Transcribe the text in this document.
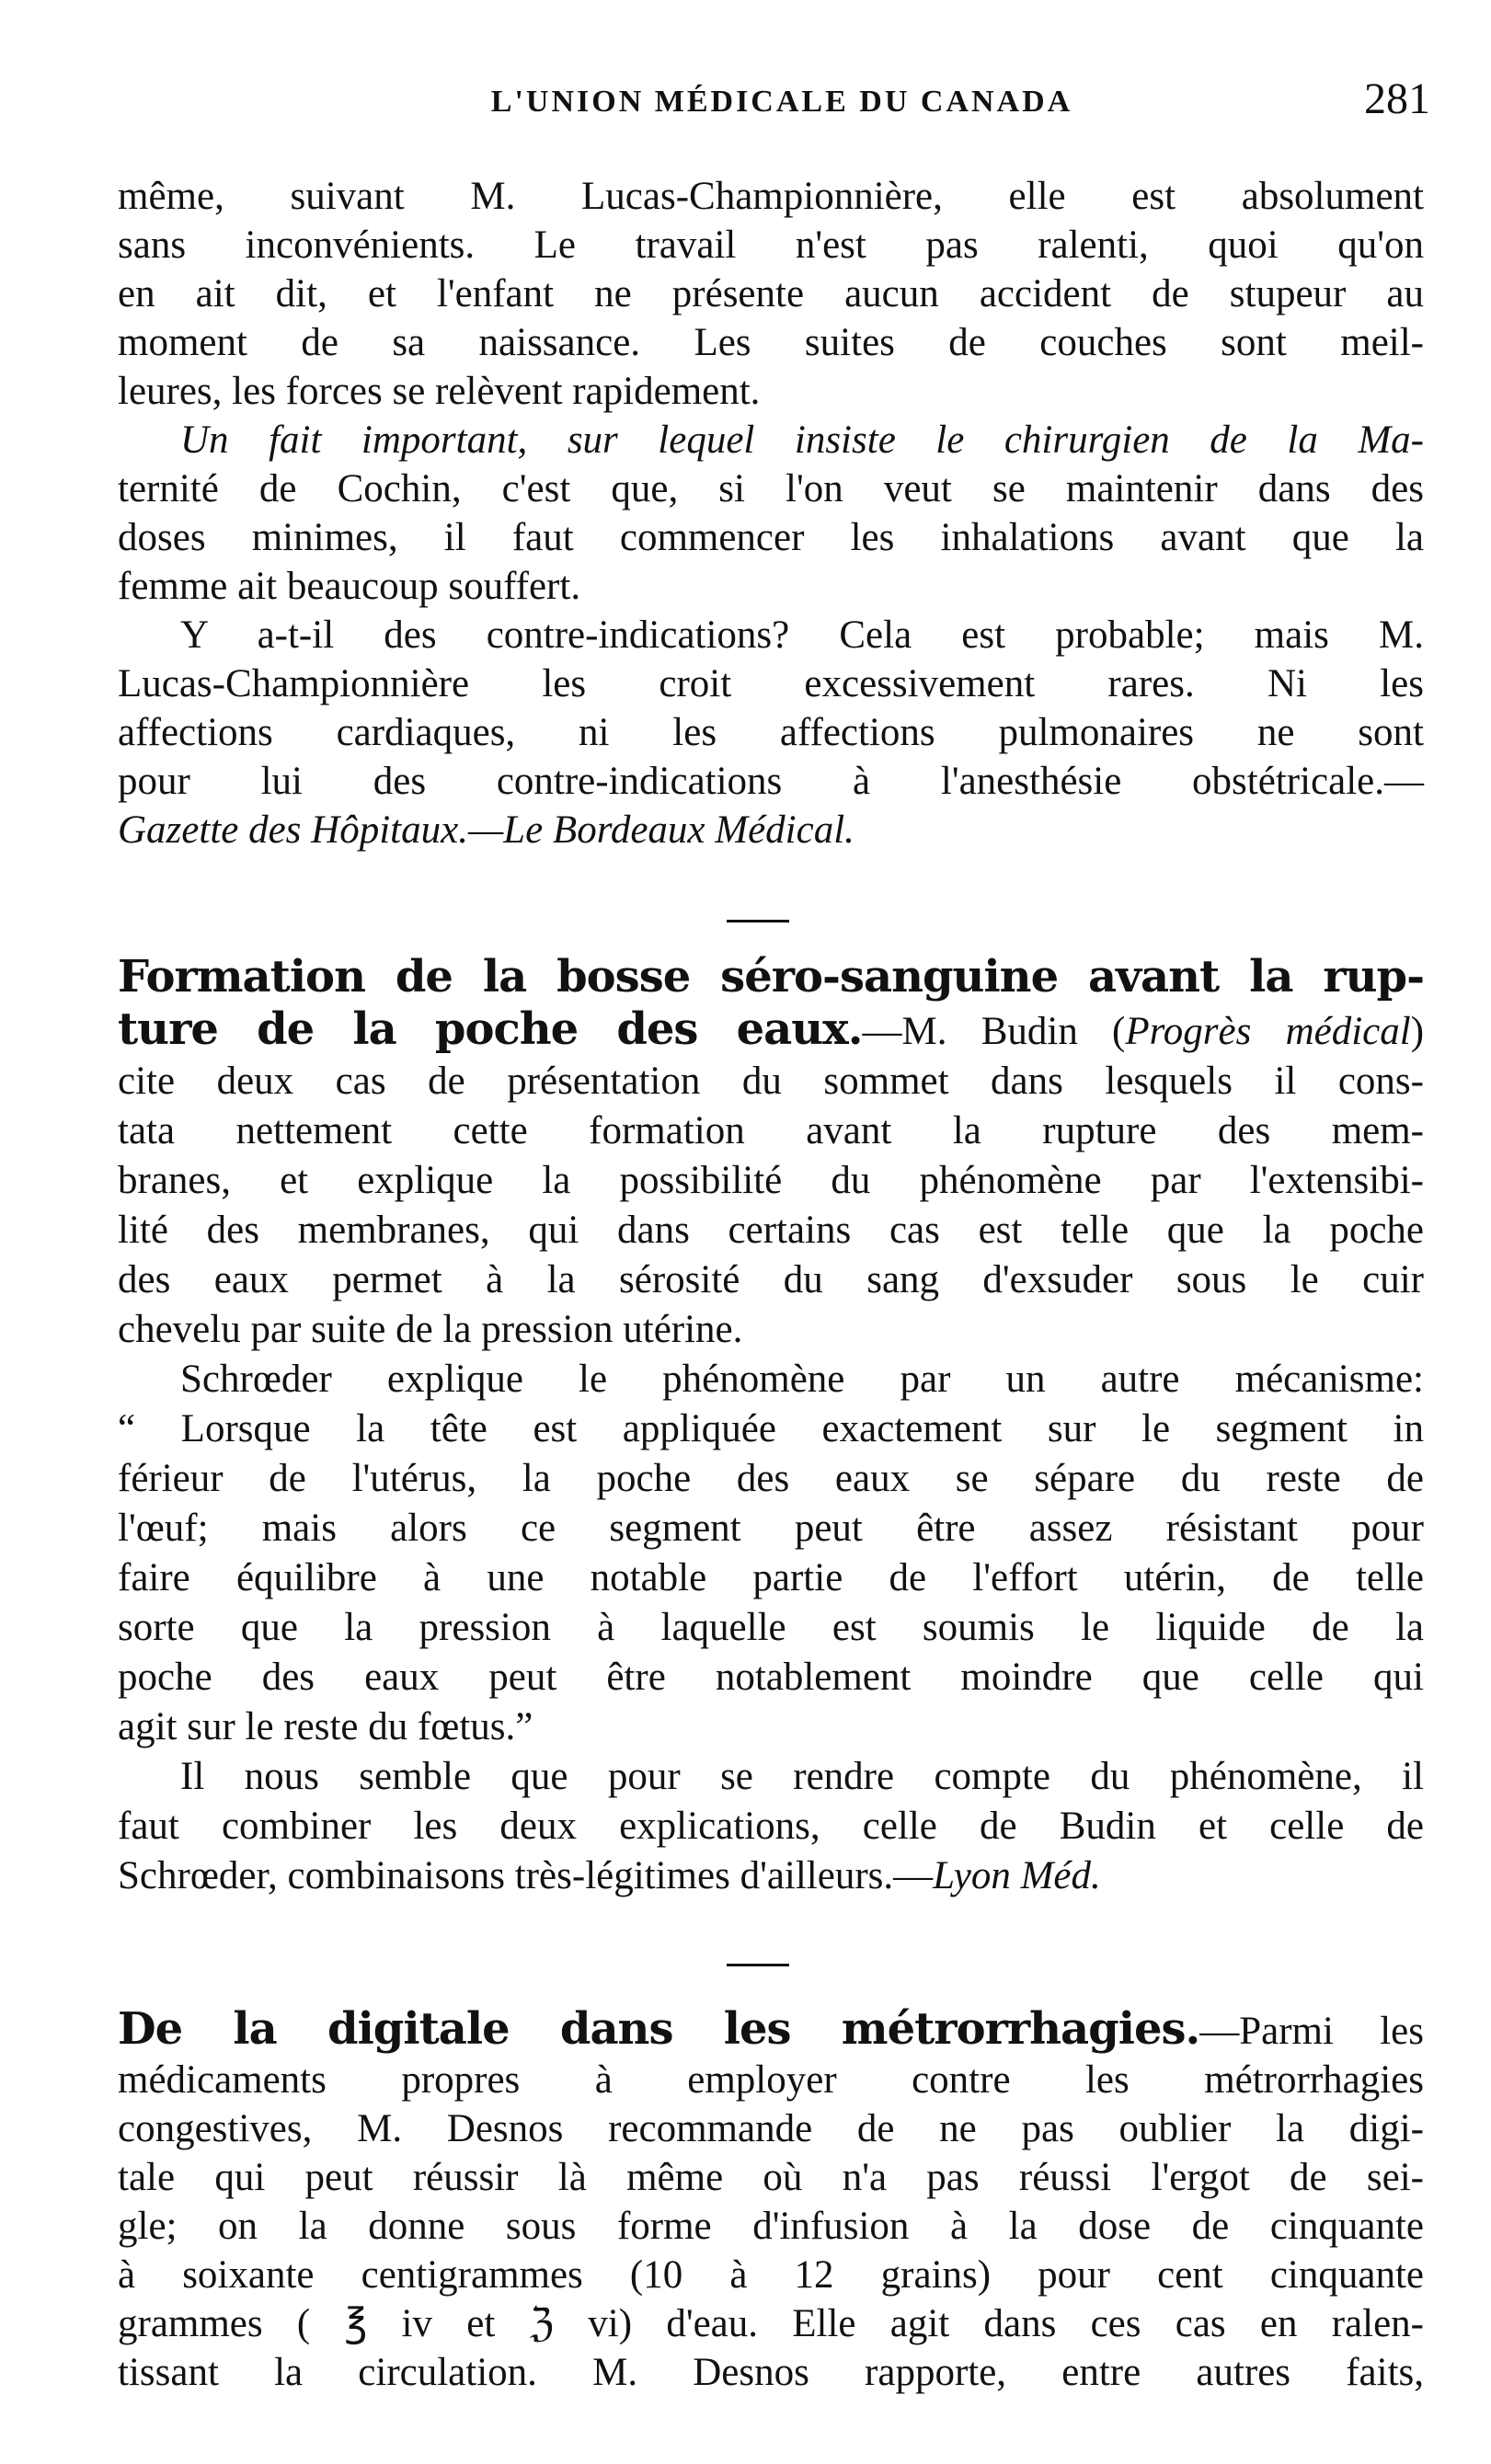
L'UNION MÉDICALE DU CANADA	281
même, suivant M. Lucas-Championnière, elle est absolument
sans inconvénients. Le travail n'est pas ralenti, quoi qu'on
en ait dit, et l'enfant ne présente aucun accident de stupeur au
moment de sa naissance. Les suites de couches sont meil-
leures, les forces se relèvent rapidement.
Un fait important, sur lequel insiste le chirurgien de la Ma-
ternité de Cochin, c'est que, si l'on veut se maintenir dans des
doses minimes, il faut commencer les inhalations avant que la
femme ait beaucoup souffert.
Y a-t-il des contre-indications? Cela est probable; mais M.
Lucas-Championnière les croit excessivement rares. Ni les
affections cardiaques, ni les affections pulmonaires ne sont
pour lui des contre-indications à l'anesthésie obstétricale.—
Gazette des Hôpitaux.—Le Bordeaux Médical.
Formation de la bosse séro-sanguine avant la rup-
ture de la poche des eaux.—M. Budin (Progrès médical)
cite deux cas de présentation du sommet dans lesquels il cons-
tata nettement cette formation avant la rupture des mem-
branes, et explique la possibilité du phénomène par l'extensibi-
lité des membranes, qui dans certains cas est telle que la poche
des eaux permet à la sérosité du sang d'exsuder sous le cuir
chevelu par suite de la pression utérine.
Schrœder explique le phénomène par un autre mécanisme:
“ Lorsque la tête est appliquée exactement sur le segment in
férieur de l'utérus, la poche des eaux se sépare du reste de
l'œuf; mais alors ce segment peut être assez résistant pour
faire équilibre à une notable partie de l'effort utérin, de telle
sorte que la pression à laquelle est soumis le liquide de la
poche des eaux peut être notablement moindre que celle qui
agit sur le reste du fœtus.”
Il nous semble que pour se rendre compte du phénomène, il
faut combiner les deux explications, celle de Budin et celle de
Schrœder, combinaisons très-légitimes d'ailleurs.—Lyon Méd.
De la digitale dans les métrorrhagies.—Parmi les
médicaments propres à employer contre les métrorrhagies
congestives, M. Desnos recommande de ne pas oublier la digi-
tale qui peut réussir là même où n'a pas réussi l'ergot de sei-
gle; on la donne sous forme d'infusion à la dose de cinquante
à soixante centigrammes (10 à 12 grains) pour cent cinquante
grammes ( ℥ iv et ℨ vi) d'eau. Elle agit dans ces cas en ralen-
tissant la circulation. M. Desnos rapporte, entre autres faits,
